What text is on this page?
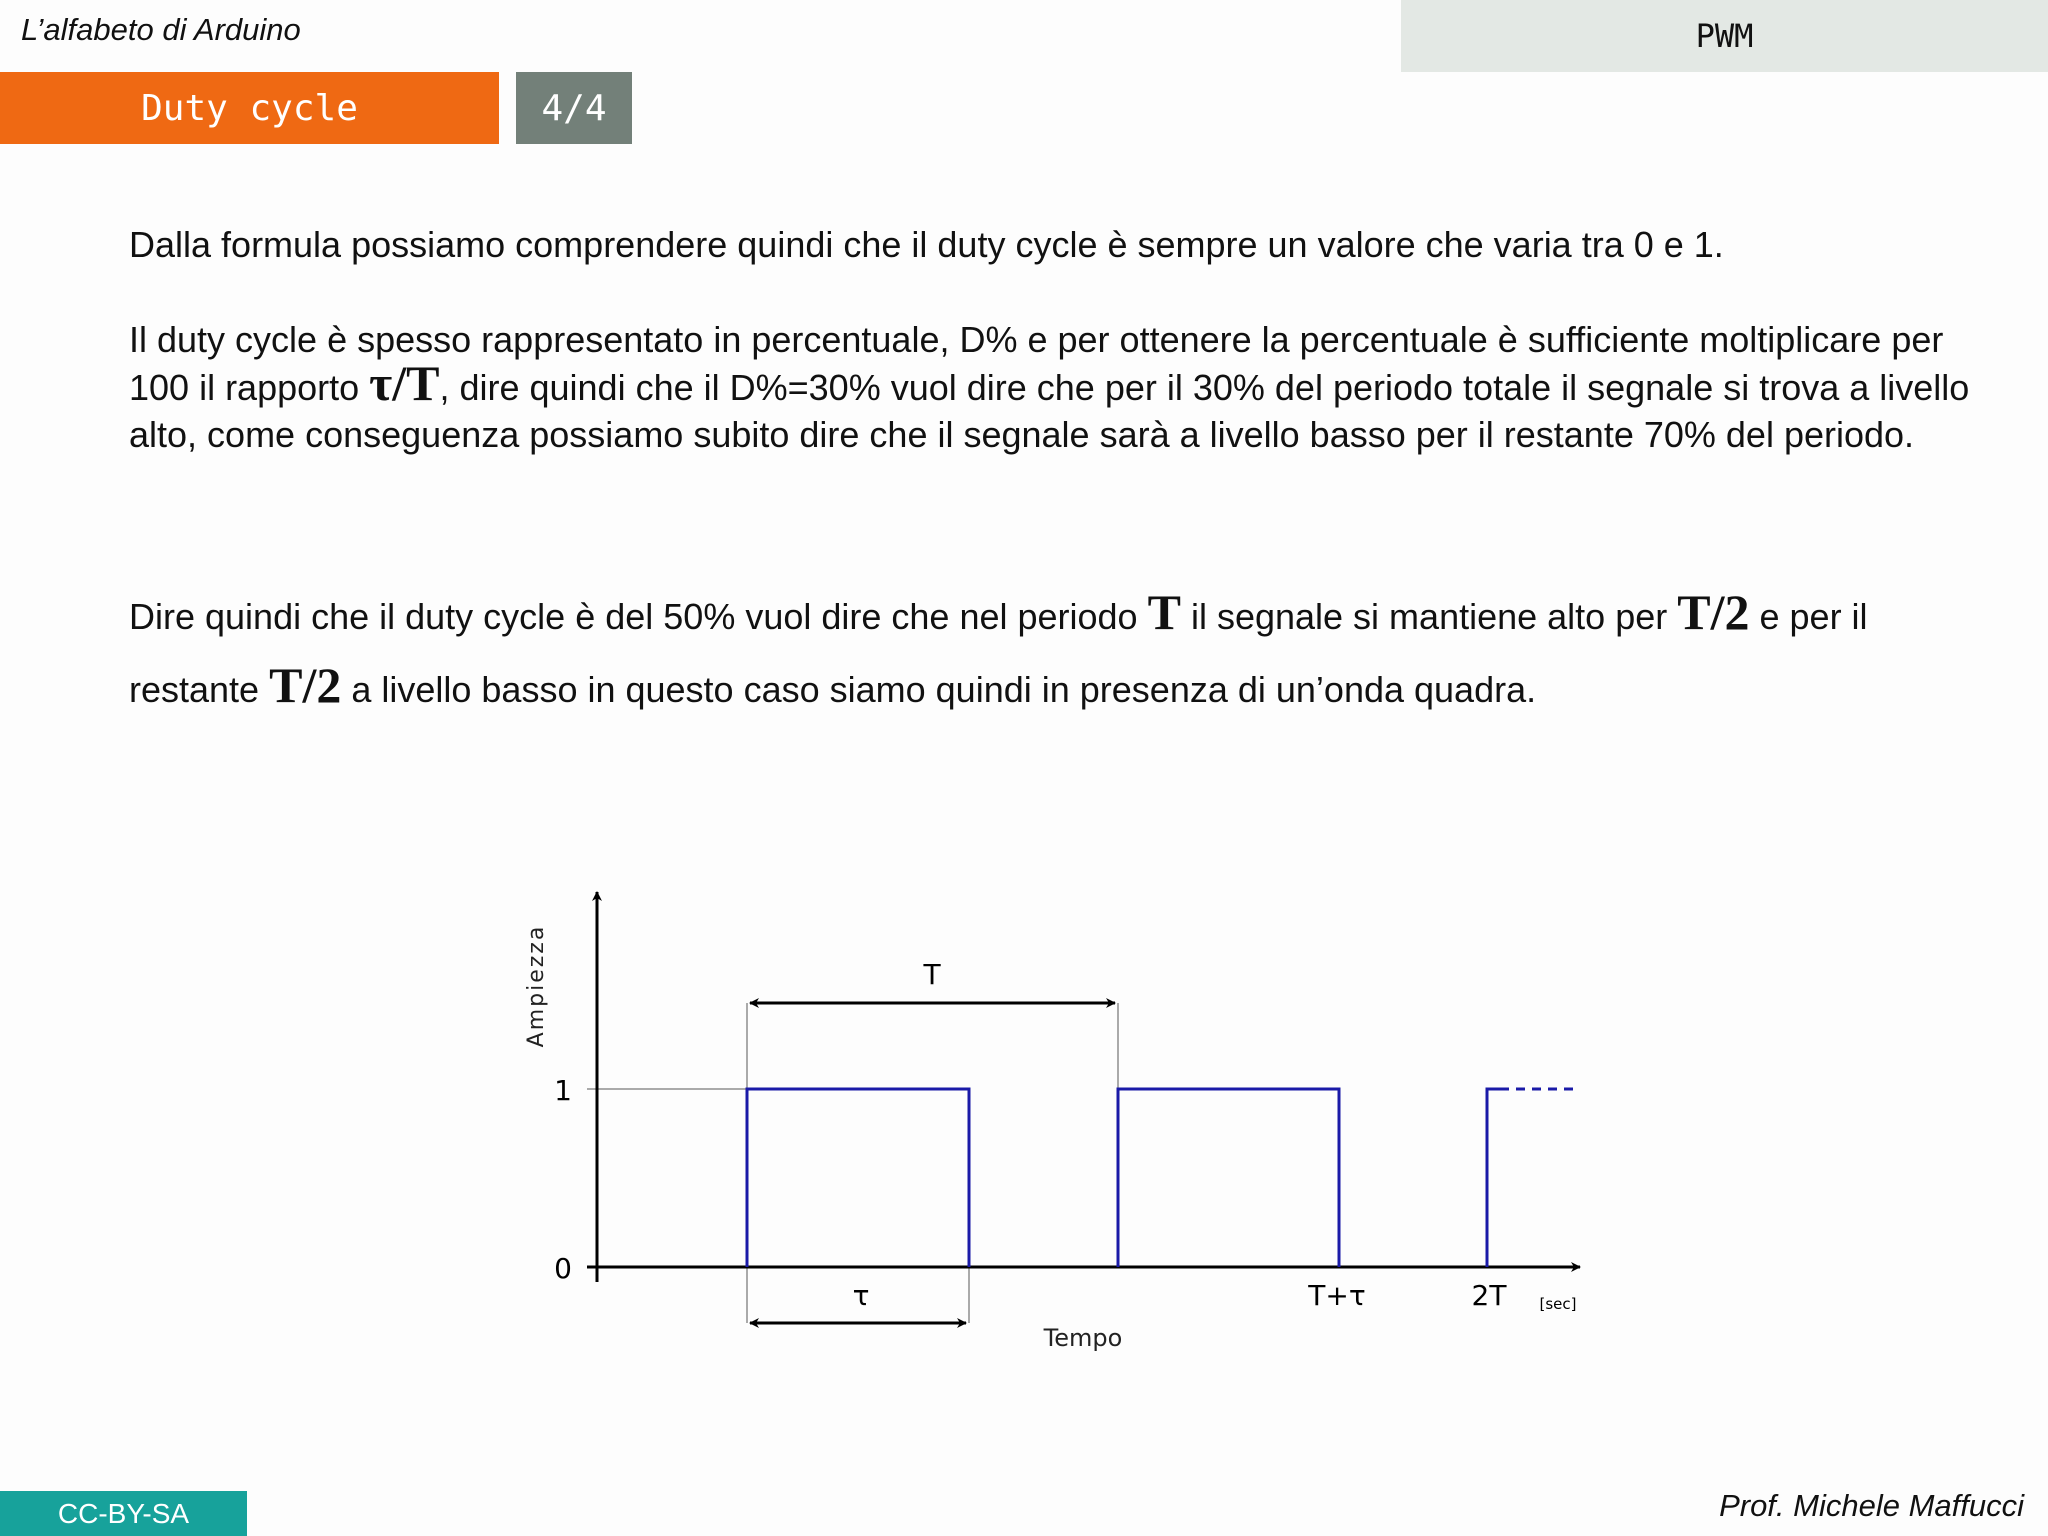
L’alfabeto di Arduino	PWM
Duty cycle	4/4
Dalla formula possiamo comprendere quindi che il duty cycle è sempre un valore che varia tra 0 e 1.
Il duty cycle è spesso rappresentato in percentuale, D% e per ottenere la percentuale è sufficiente moltiplicare per 100 il rapporto τ/T, dire quindi che il D%=30% vuol dire che per il 30% del periodo totale il segnale si trova a livello alto, come conseguenza possiamo subito dire che il segnale sarà a livello basso per il restante 70% del periodo.
Dire quindi che il duty cycle è del 50% vuol dire che nel periodo T il segnale si mantiene alto per T/2 e per il restante T/2 a livello basso in questo caso siamo quindi in presenza di un’onda quadra.
Ampiezza
1
0
T
τ	T+τ	2T [sec]
Tempo
CC-BY-SA	Prof. Michele Maffucci
